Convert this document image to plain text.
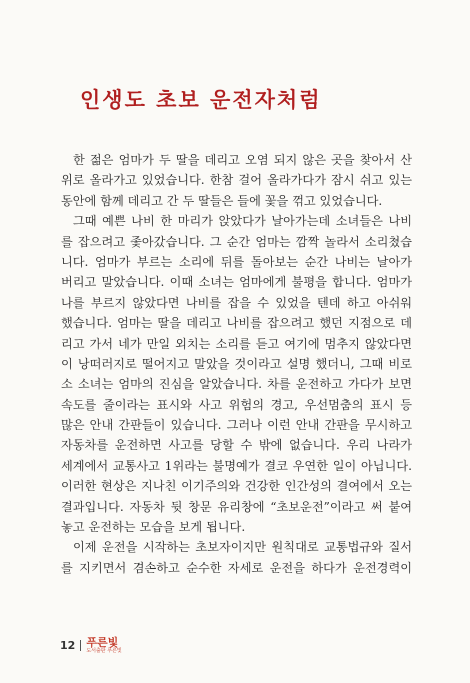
인생도 초보 운전자처럼
한 젊은 엄마가 두 딸을 데리고 오염 되지 않은 곳을 찾아서 산
위로 올라가고 있었습니다. 한참 걸어 올라가다가 잠시 쉬고 있는
동안에 함께 데리고 간 두 딸들은 들에 꽃을 꺾고 있었습니다.
그때 예쁜 나비 한 마리가 앉았다가 날아가는데 소녀들은 나비
를 잡으려고 좇아갔습니다. 그 순간 엄마는 깜짝 놀라서 소리쳤습
니다. 엄마가 부르는 소리에 뒤를 돌아보는 순간 나비는 날아가
버리고 말았습니다. 이때 소녀는 엄마에게 불평을 합니다. 엄마가
나를 부르지 않았다면 나비를 잡을 수 있었을 텐데 하고 아쉬워
했습니다. 엄마는 딸을 데리고 나비를 잡으려고 했던 지점으로 데
리고 가서 네가 만일 외치는 소리를 듣고 여기에 멈추지 않았다면
이 낭떠러지로 떨어지고 말았을 것이라고 설명 했더니, 그때 비로
소 소녀는 엄마의 진심을 알았습니다. 차를 운전하고 가다가 보면
속도를 줄이라는 표시와 사고 위험의 경고, 우선멈춤의 표시 등
많은 안내 간판들이 있습니다. 그러나 이런 안내 간판을 무시하고
자동차를 운전하면 사고를 당할 수 밖에 없습니다. 우리 나라가
세계에서 교통사고 1위라는 불명예가 결코 우연한 일이 아닙니다.
이러한 현상은 지나친 이기주의와 건강한 인간성의 결여에서 오는
결과입니다. 자동차 뒷 창문 유리창에 “초보운전”이라고 써 붙여
놓고 운전하는 모습을 보게 됩니다.
이제 운전을 시작하는 초보자이지만 원칙대로 교통법규와 질서
를 지키면서 겸손하고 순수한 자세로 운전을 하다가 운전경력이
12 푸른빛
도서출판 푸른빛
